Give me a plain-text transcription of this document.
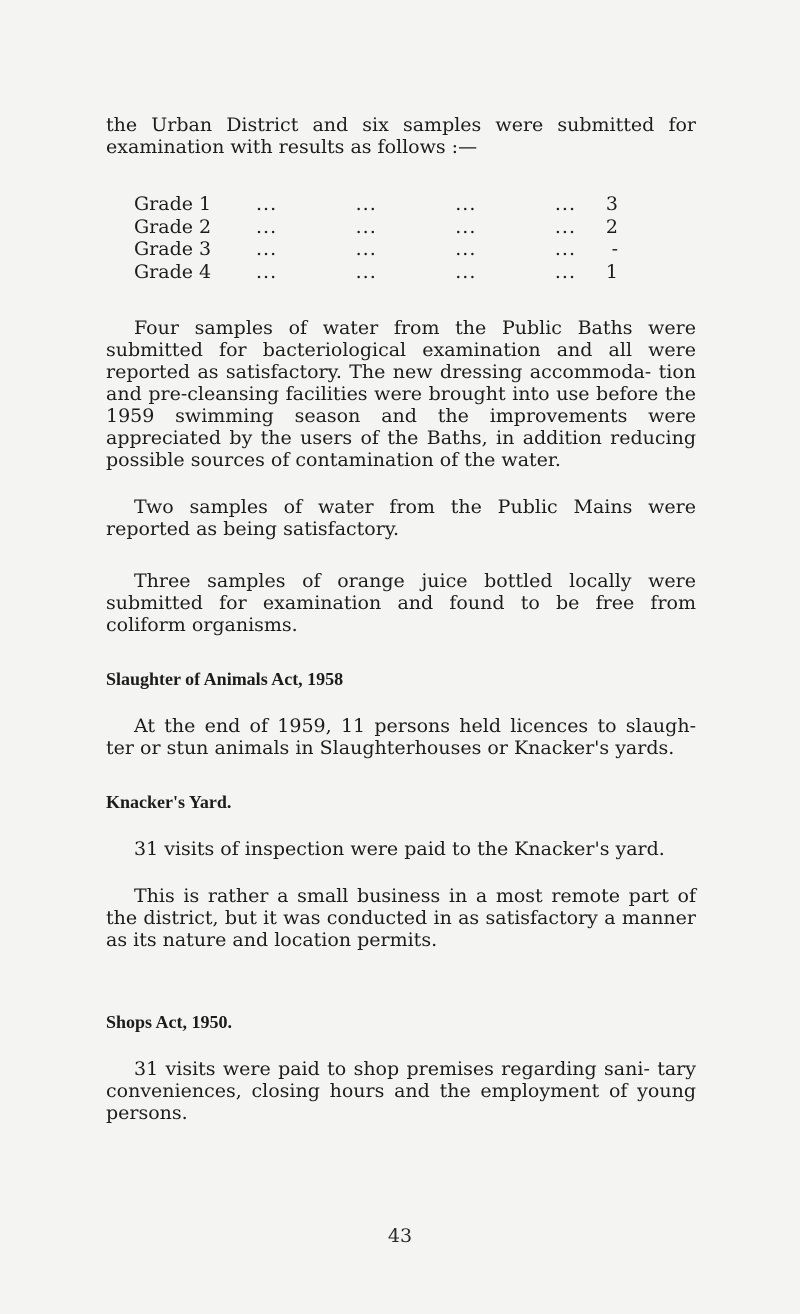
the Urban District and six samples were submitted for examination with results as follows :—

Grade 1	...	...	...	... 3
Grade 2	...	...	...	... 2
Grade 3	...	...	...	...	-
Grade 4	...	...	...	... 1

Four samples of water from the Public Baths were submitted for bacteriological examination and all were reported as satisfactory. The new dressing accommoda- tion and pre-cleansing facilities were brought into use before the 1959 swimming season and the improvements were appreciated by the users of the Baths, in addition reducing possible sources of contamination of the water.

Two samples of water from the Public Mains were reported as being satisfactory.

Three samples of orange juice bottled locally were submitted for examination and found to be free from coliform organisms.

Slaughter of Animals Act, 1958

At the end of 1959, 11 persons held licences to slaugh- ter or stun animals in Slaughterhouses or Knacker's yards.

Knacker's Yard.

31 visits of inspection were paid to the Knacker's yard.

This is rather a small business in a most remote part of the district, but it was conducted in as satisfactory a manner as its nature and location permits.

Shops Act, 1950.

31 visits were paid to shop premises regarding sani- tary conveniences, closing hours and the employment of young persons.

43
